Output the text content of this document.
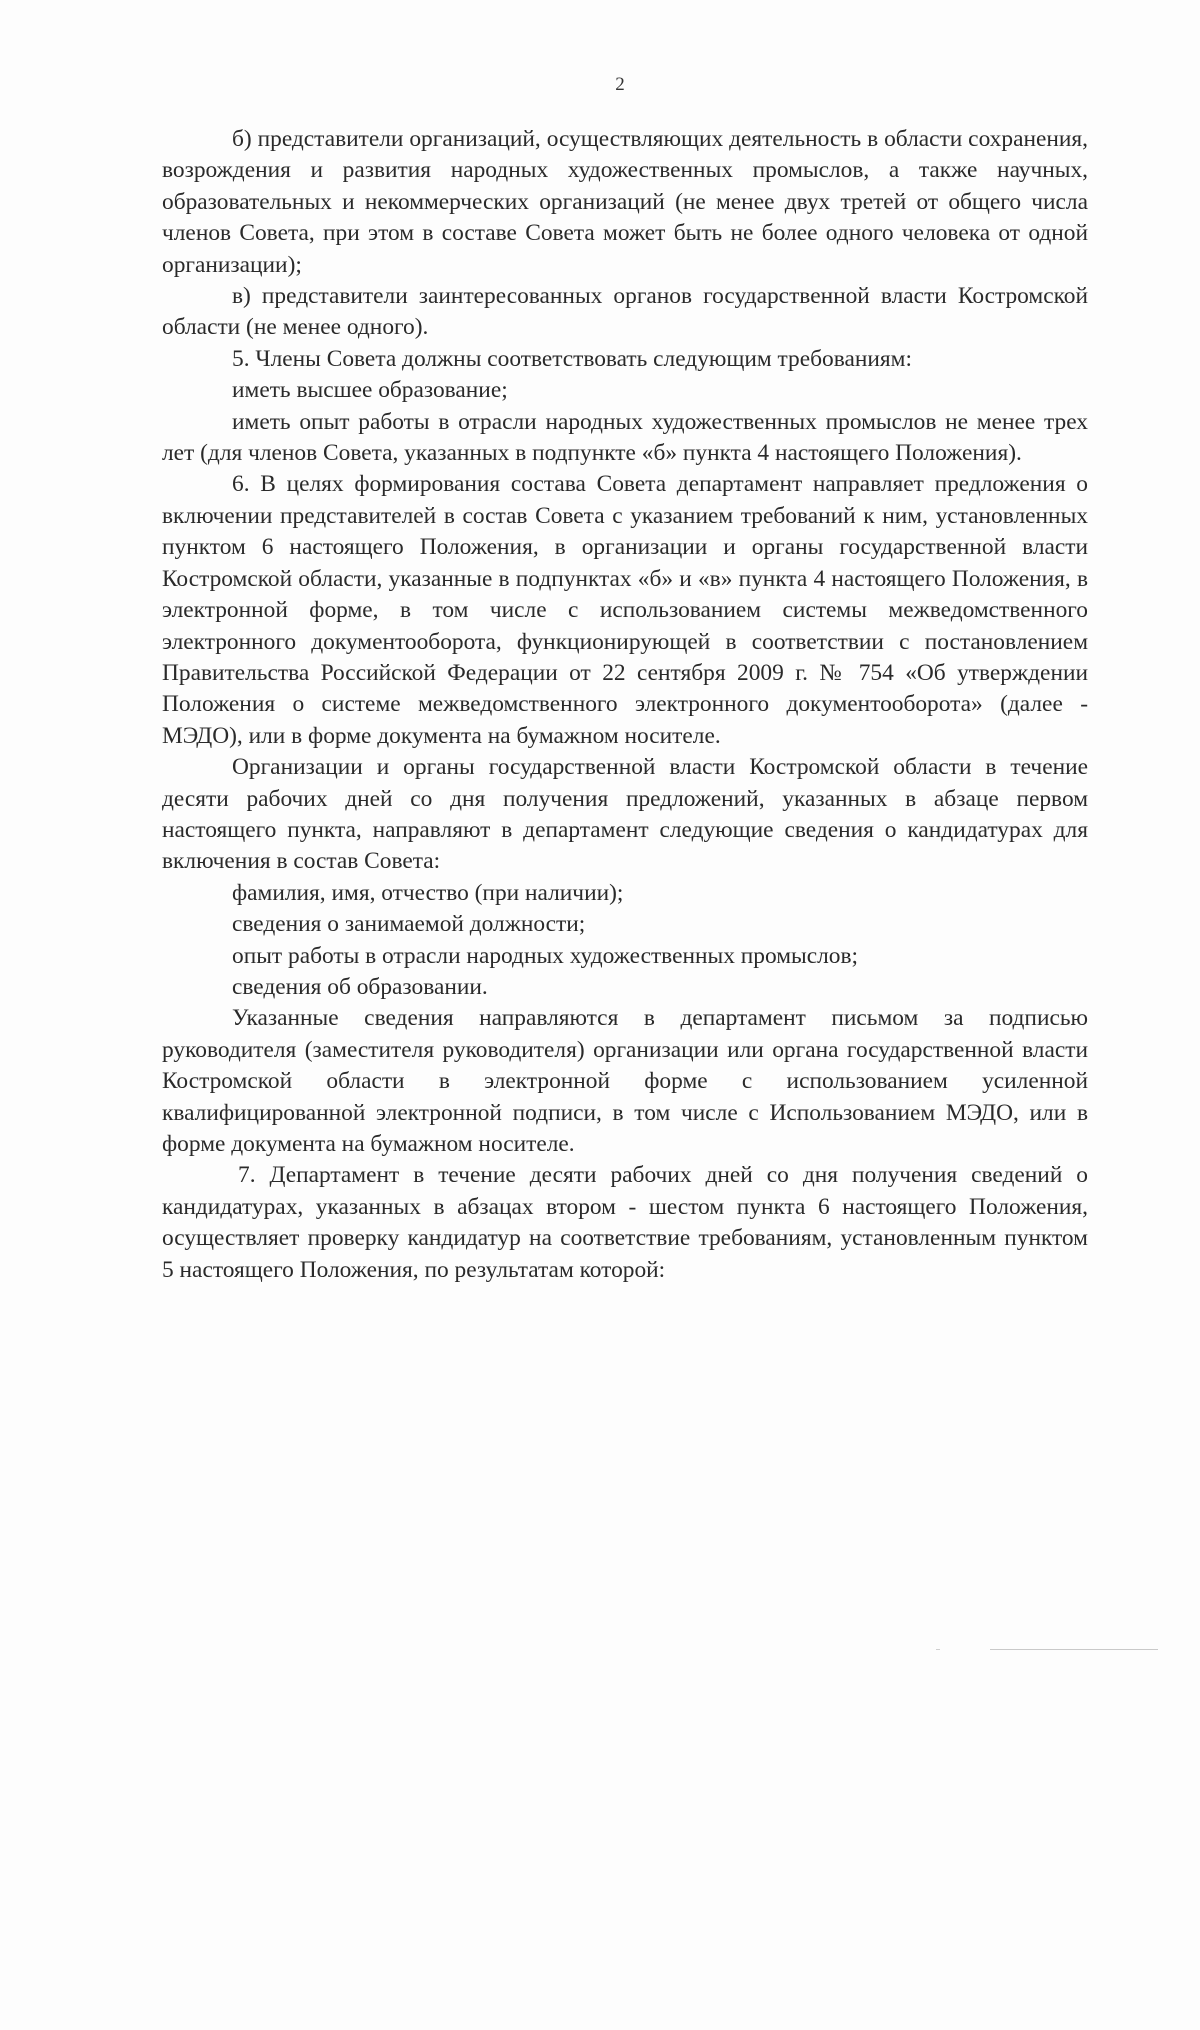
2

б) представители организаций, осуществляющих деятельность в области сохранения, возрождения и развития народных художественных промыслов, а также научных, образовательных и некоммерческих организаций (не менее двух третей от общего числа членов Совета, при этом в составе Совета может быть не более одного человека от одной организации);

в) представители заинтересованных органов государственной власти Костромской области (не менее одного).

5. Члены Совета должны соответствовать следующим требованиям:

иметь высшее образование;

иметь опыт работы в отрасли народных художественных промыслов не менее трех лет (для членов Совета, указанных в подпункте «б» пункта 4 настоящего Положения).

6. В целях формирования состава Совета департамент направляет предложения о включении представителей в состав Совета с указанием требований к ним, установленных пунктом 6 настоящего Положения, в организации и органы государственной власти Костромской области, указанные в подпунктах «б» и «в» пункта 4 настоящего Положения, в электронной форме, в том числе с использованием системы межведомственного электронного документооборота, функционирующей в соответствии с постановлением Правительства Российской Федерации от 22 сентября 2009 г. № 754 «Об утверждении Положения о системе межведомственного электронного документооборота» (далее - МЭДО), или в форме документа на бумажном носителе.

Организации и органы государственной власти Костромской области в течение десяти рабочих дней со дня получения предложений, указанных в абзаце первом настоящего пункта, направляют в департамент следующие сведения о кандидатурах для включения в состав Совета:

фамилия, имя, отчество (при наличии);

сведения о занимаемой должности;

опыт работы в отрасли народных художественных промыслов;

сведения об образовании.

Указанные сведения направляются в департамент письмом за подписью руководителя (заместителя руководителя) организации или органа государственной власти Костромской области в электронной форме с использованием усиленной квалифицированной электронной подписи, в том числе с Использованием МЭДО, или в форме документа на бумажном носителе.

7. Департамент в течение десяти рабочих дней со дня получения сведений о кандидатурах, указанных в абзацах втором - шестом пункта 6 настоящего Положения, осуществляет проверку кандидатур на соответствие требованиям, установленным пунктом 5 настоящего Положения, по результатам которой:
